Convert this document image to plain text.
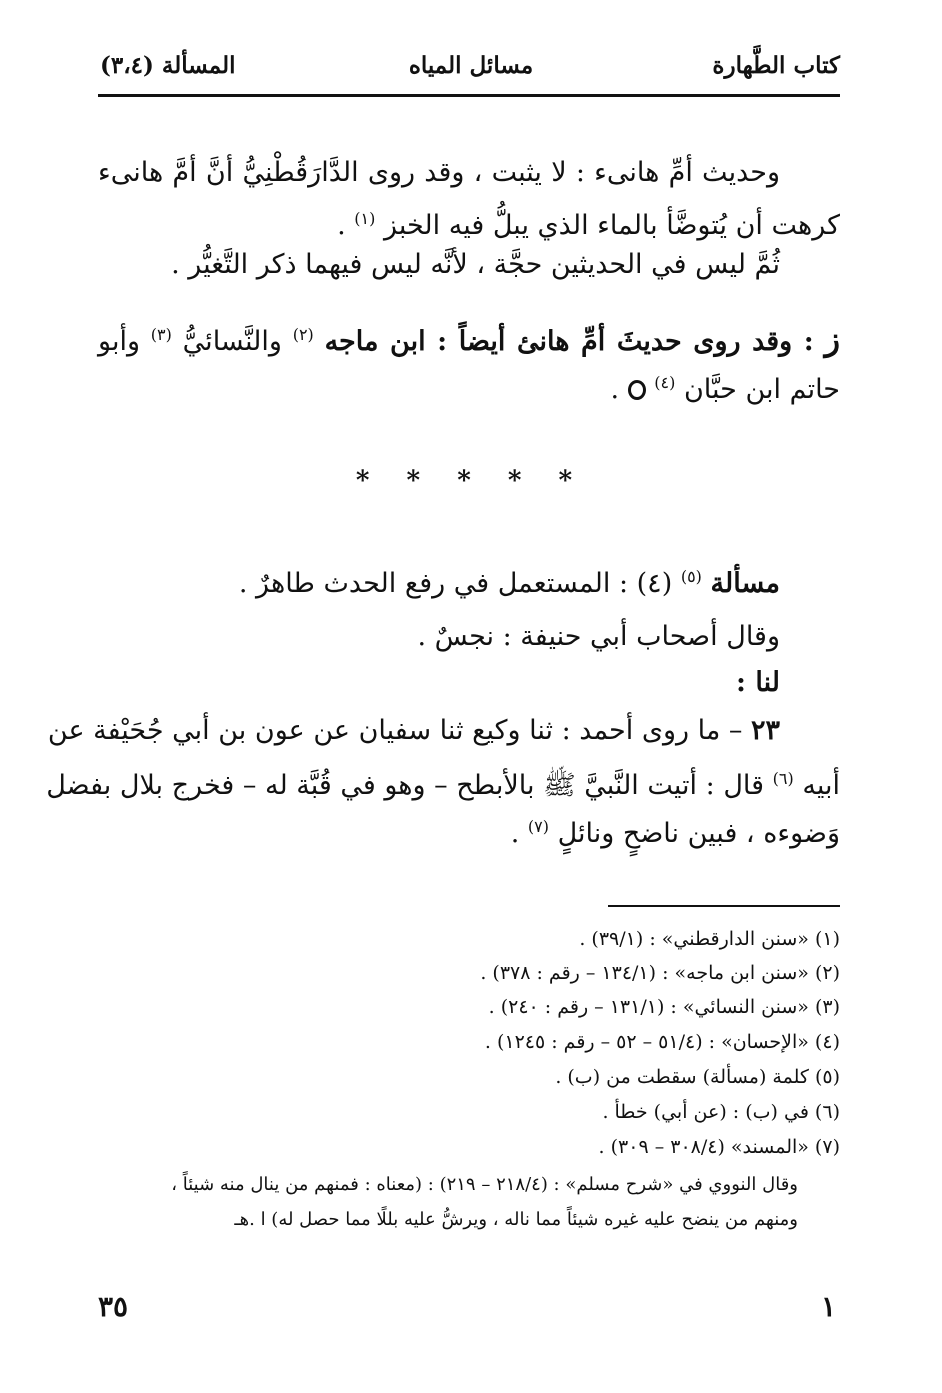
كتاب الطَّهارة
مسائل المياه
المسألة (٣،٤)
وحديث أمِّ هانىء : لا يثبت ، وقد روى الدَّارَقُطْنِيُّ أنَّ أمَّ هانىء
كرهت أن يُتوضَّأ بالماء الذي يبلُّ فيه الخبز $^{(١)}$ .
ثُمَّ ليس في الحديثين حجَّة ، لأنَّه ليس فيهما ذكر التَّغيُّر .
ز : وقد روى حديثَ أمِّ هانئ أيضاً : ابن ماجه $^{(٢)}$ والنَّسائيُّ $^{(٣)}$ وأبو
حاتم ابن حبَّان $^{(٤)}$  .
* * * * *
مسألة $^{(٥)}$ (٤) : المستعمل في رفع الحدث طاهرٌ .
وقال أصحاب أبي حنيفة : نجسٌ .
لنا :
٢٣ – ما روى أحمد : ثنا وكيع ثنا سفيان عن عون بن أبي جُحَيْفة عن
أبيه $^{(٦)}$ قال : أتيت النَّبيَّ ﷺ بالأبطح – وهو في قُبَّة له – فخرج بلال بفضل
وَضوءه ، فبين ناضحٍ ونائلٍ $^{(٧)}$ .
(١) «سنن الدارقطني» : (٣٩/١) .
(٢) «سنن ابن ماجه» : (١٣٤/١ – رقم : ٣٧٨) .
(٣) «سنن النسائي» : (١٣١/١ – رقم : ٢٤٠) .
(٤) «الإحسان» : (٥١/٤ – ٥٢ – رقم : ١٢٤٥) .
(٥) كلمة (مسألة) سقطت من (ب) .
(٦) في (ب) : (عن أبي) خطأ .
(٧) «المسند» (٣٠٨/٤ – ٣٠٩) .
وقال النووي في «شرح مسلم» : (٢١٨/٤ – ٢١٩) : (معناه : فمنهم من ينال منه شيئاً ،
ومنهم من ينضح عليه غيره شيئاً مما ناله ، ويرشُّ عليه بللًا مما حصل له) ا .هـ
٣٥	١
